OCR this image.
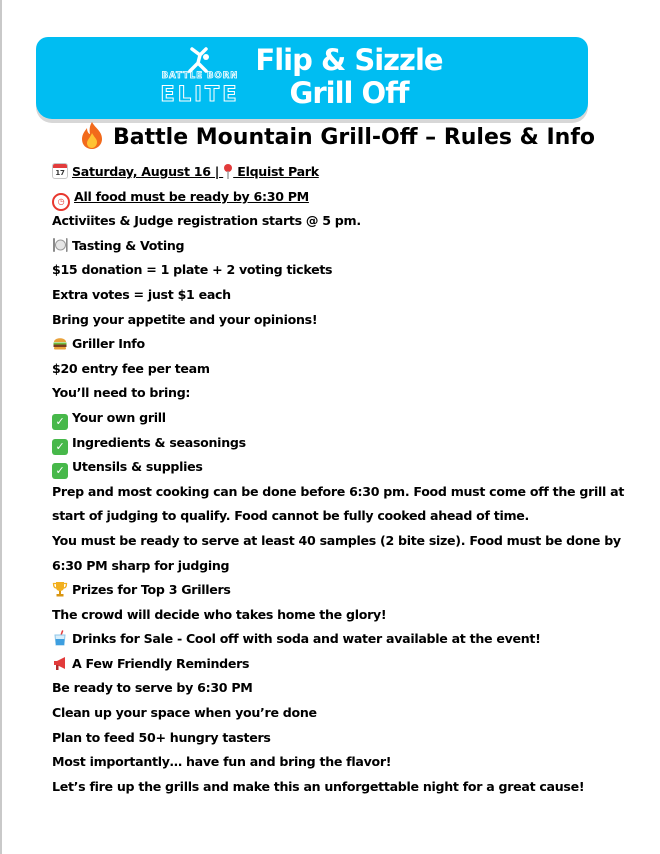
BATTLE BORN
ELITE
Flip & Sizzle
Grill Off
Battle Mountain Grill-Off – Rules & Info
17 Saturday, August 16 |  Elquist Park
◷ All food must be ready by 6:30 PM
Activiites & Judge registration starts @ 5 pm.
Tasting & Voting
$15 donation = 1 plate + 2 voting tickets
Extra votes = just $1 each
Bring your appetite and your opinions!
Griller Info
$20 entry fee per team
You’ll need to bring:
✓ Your own grill
✓ Ingredients & seasonings
✓ Utensils & supplies
Prep and most cooking can be done before 6:30 pm. Food must come off the grill at
start of judging to qualify. Food cannot be fully cooked ahead of time.
You must be ready to serve at least 40 samples (2 bite size). Food must be done by
6:30 PM sharp for judging
Prizes for Top 3 Grillers
The crowd will decide who takes home the glory!
Drinks for Sale - Cool off with soda and water available at the event!
A Few Friendly Reminders
Be ready to serve by 6:30 PM
Clean up your space when you’re done
Plan to feed 50+ hungry tasters
Most importantly… have fun and bring the flavor!
Let’s fire up the grills and make this an unforgettable night for a great cause!
